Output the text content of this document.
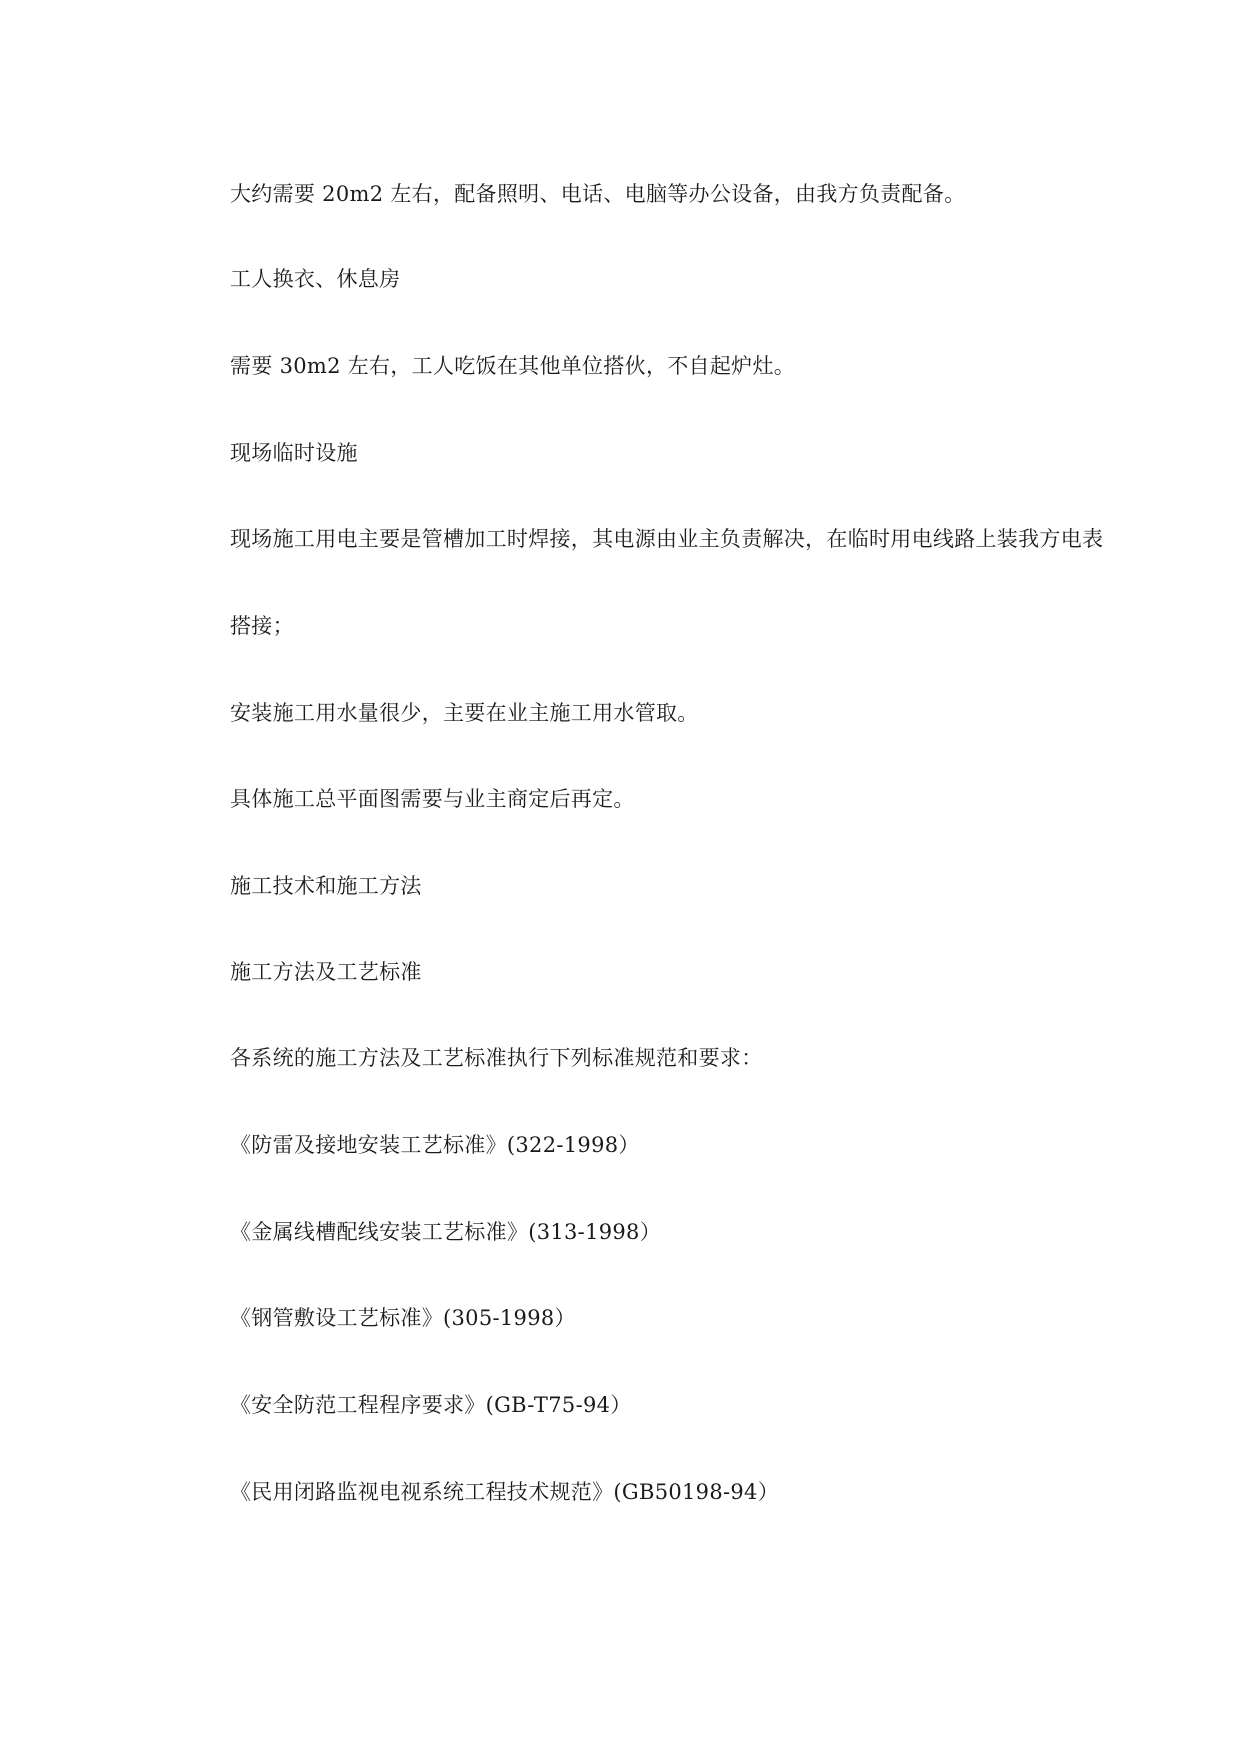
大约需要 20m2 左右，配备照明、电话、电脑等办公设备，由我方负责配备。
工人换衣、休息房
需要 30m2 左右，工人吃饭在其他单位搭伙，不自起炉灶。
现场临时设施
现场施工用电主要是管槽加工时焊接，其电源由业主负责解决，在临时用电线路上装我方电表
搭接；
安装施工用水量很少，主要在业主施工用水管取。
具体施工总平面图需要与业主商定后再定。
施工技术和施工方法
施工方法及工艺标准
各系统的施工方法及工艺标准执行下列标准规范和要求：
《防雷及接地安装工艺标准》(322-1998）
《金属线槽配线安装工艺标准》(313-1998）
《钢管敷设工艺标准》(305-1998）
《安全防范工程程序要求》(GB-T75-94）
《民用闭路监视电视系统工程技术规范》(GB50198-94）
